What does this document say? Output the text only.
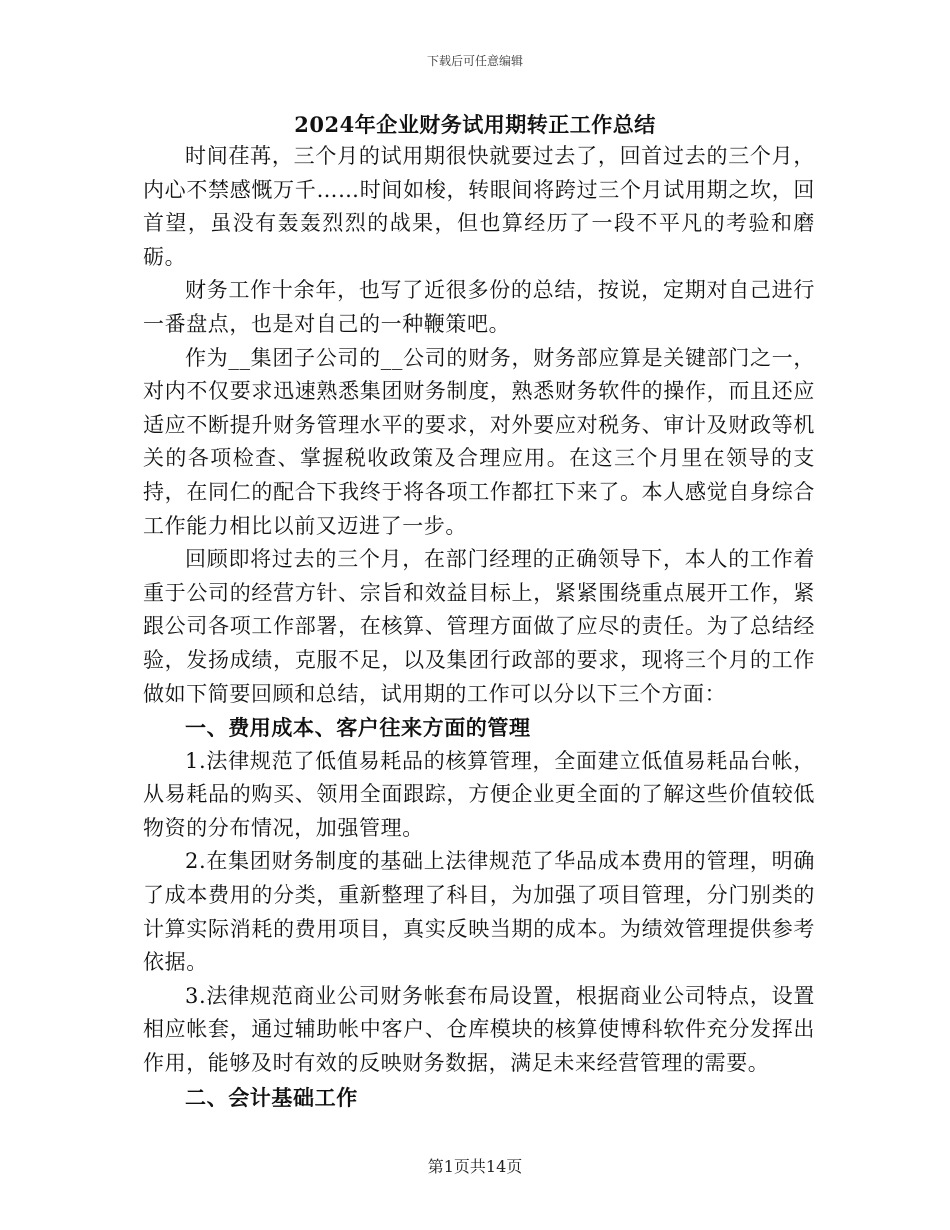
下载后可任意编辑
2024年企业财务试用期转正工作总结

时间荏苒，三个月的试用期很快就要过去了，回首过去的三个月，内心不禁感慨万千……时间如梭，转眼间将跨过三个月试用期之坎，回首望，虽没有轰轰烈烈的战果，但也算经历了一段不平凡的考验和磨砺。

财务工作十余年，也写了近很多份的总结，按说，定期对自己进行一番盘点，也是对自己的一种鞭策吧。

作为__集团子公司的__公司的财务，财务部应算是关键部门之一，对内不仅要求迅速熟悉集团财务制度，熟悉财务软件的操作，而且还应适应不断提升财务管理水平的要求，对外要应对税务、审计及财政等机关的各项检查、掌握税收政策及合理应用。在这三个月里在领导的支持，在同仁的配合下我终于将各项工作都扛下来了。本人感觉自身综合工作能力相比以前又迈进了一步。

回顾即将过去的三个月，在部门经理的正确领导下，本人的工作着重于公司的经营方针、宗旨和效益目标上，紧紧围绕重点展开工作，紧跟公司各项工作部署，在核算、管理方面做了应尽的责任。为了总结经验，发扬成绩，克服不足，以及集团行政部的要求，现将三个月的工作做如下简要回顾和总结，试用期的工作可以分以下三个方面：

一、费用成本、客户往来方面的管理

1.法律规范了低值易耗品的核算管理，全面建立低值易耗品台帐，从易耗品的购买、领用全面跟踪，方便企业更全面的了解这些价值较低物资的分布情况，加强管理。

2.在集团财务制度的基础上法律规范了华品成本费用的管理，明确了成本费用的分类，重新整理了科目，为加强了项目管理，分门别类的计算实际消耗的费用项目，真实反映当期的成本。为绩效管理提供参考依据。

3.法律规范商业公司财务帐套布局设置，根据商业公司特点，设置相应帐套，通过辅助帐中客户、仓库模块的核算使博科软件充分发挥出作用，能够及时有效的反映财务数据，满足未来经营管理的需要。

二、会计基础工作

第1页共14页
